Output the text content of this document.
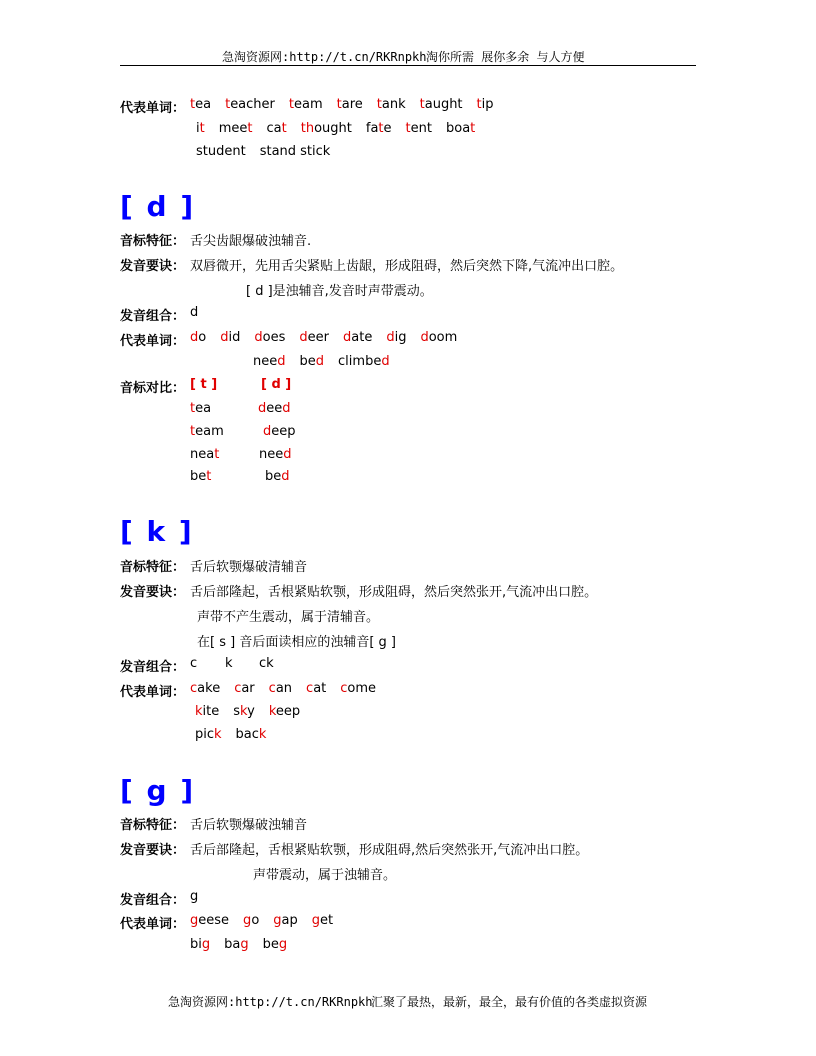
急淘资源网:http://t.cn/RKRnpkh 淘你所需 展你多余 与人方便
代表单词： tea teacher team tare tank taught tip
it meet cat thought fate tent boat
student stand stick
[ d ]
音标特征： 舌尖齿龈爆破浊辅音.
发音要诀： 双唇微开，先用舌尖紧贴上齿龈，形成阻碍，然后突然下降,气流冲出口腔。
[ d ]是浊辅音,发音时声带震动。
发音组合： d
代表单词： do did does deer date dig doom
need bed climbed
音标对比： [ t ]	[ d ]
tea	deed
team	deep
neat	need
bet	bed
[ k ]
音标特征： 舌后软颚爆破清辅音
发音要诀： 舌后部隆起，舌根紧贴软颚，形成阻碍，然后突然张开,气流冲出口腔。
声带不产生震动，属于清辅音。
在[ s ] 音后面读相应的浊辅音[ g ]
发音组合： c k ck
代表单词： cake car can cat come
kite sky keep
pick back
[ g ]
音标特征： 舌后软颚爆破浊辅音
发音要诀： 舌后部隆起，舌根紧贴软颚，形成阻碍,然后突然张开,气流冲出口腔。
声带震动，属于浊辅音。
发音组合： g
代表单词： geese go gap get
big bag beg
急淘资源网:http://t.cn/RKRnpkh
汇聚了最热，最新，最全，最有价值的各类虚拟资源
